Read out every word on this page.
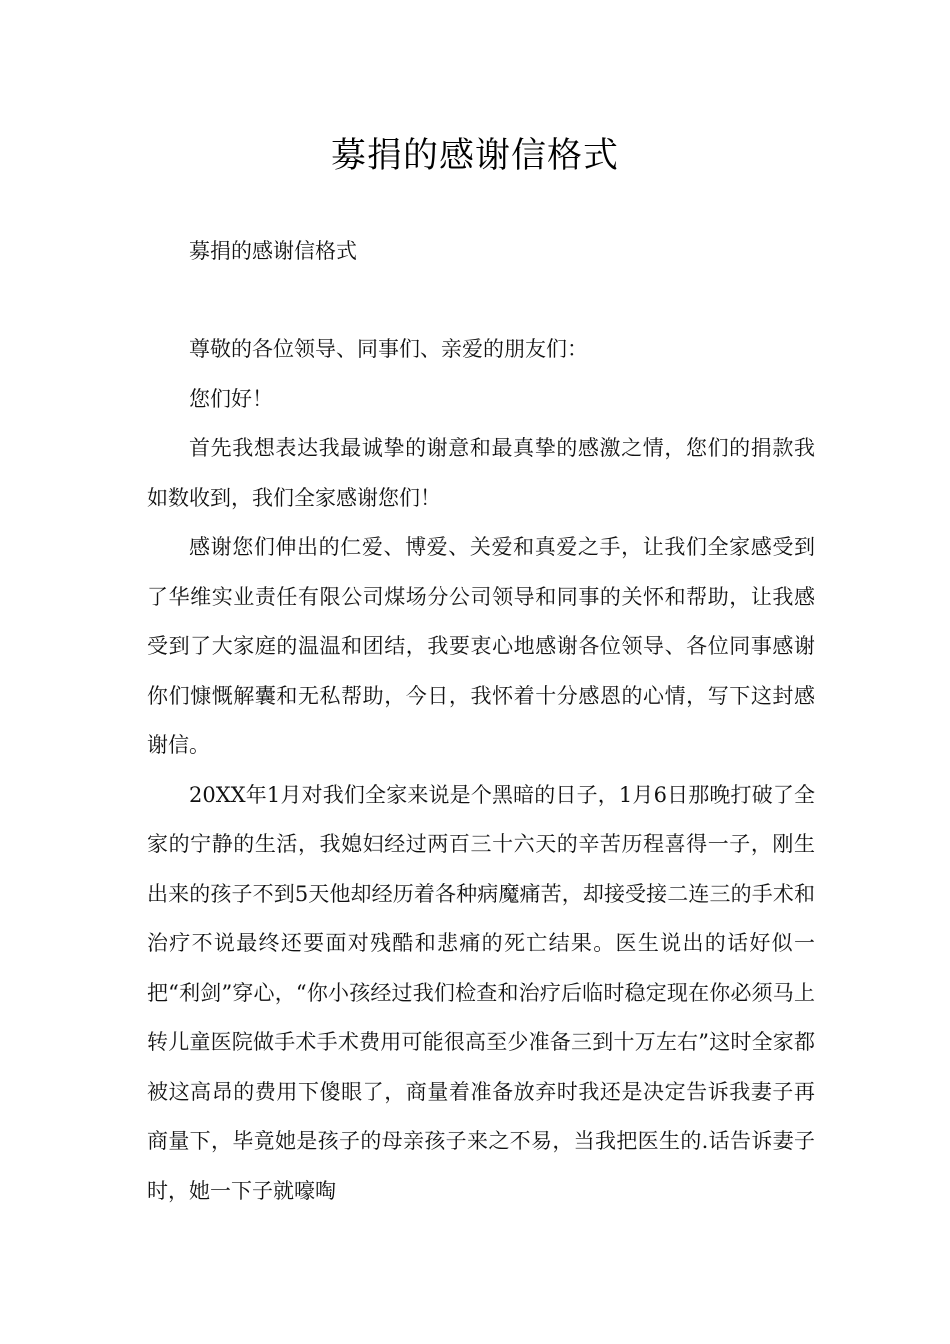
募捐的感谢信格式

募捐的感谢信格式

尊敬的各位领导、同事们、亲爱的朋友们：

您们好！

首先我想表达我最诚挚的谢意和最真挚的感激之情，您们的捐款我如数收到，我们全家感谢您们！

感谢您们伸出的仁爱、博爱、关爱和真爱之手，让我们全家感受到了华维实业责任有限公司煤场分公司领导和同事的关怀和帮助，让我感受到了大家庭的温温和团结，我要衷心地感谢各位领导、各位同事感谢你们慷慨解囊和无私帮助，今日，我怀着十分感恩的心情，写下这封感谢信。

20XX年1月对我们全家来说是个黑暗的日子，1月6日那晚打破了全家的宁静的生活，我媳妇经过两百三十六天的辛苦历程喜得一子，刚生出来的孩子不到5天他却经历着各种病魔痛苦，却接受接二连三的手术和治疗不说最终还要面对残酷和悲痛的死亡结果。医生说出的话好似一把“利剑”穿心，“你小孩经过我们检查和治疗后临时稳定现在你必须马上转儿童医院做手术手术费用可能很高至少准备三到十万左右”这时全家都被这高昂的费用下傻眼了，商量着准备放弃时我还是决定告诉我妻子再商量下，毕竟她是孩子的母亲孩子来之不易，当我把医生的.话告诉妻子时，她一下子就嚎啕
